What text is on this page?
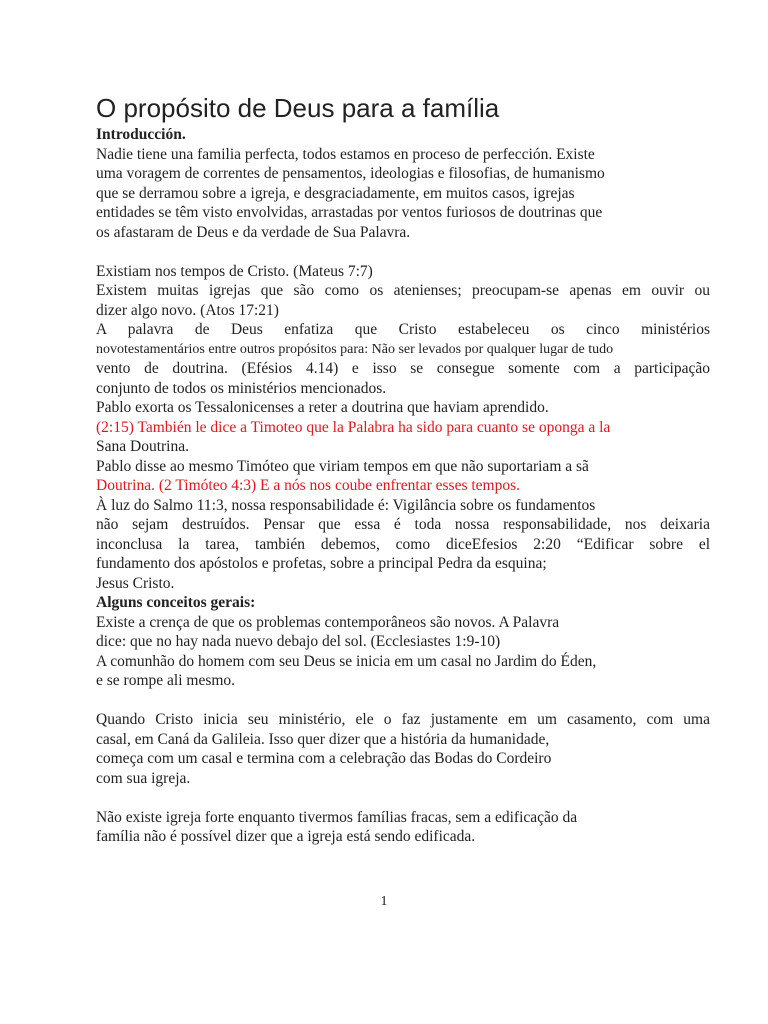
O propósito de Deus para a família
Introducción.
Nadie tiene una familia perfecta, todos estamos en proceso de perfección. Existe
uma voragem de correntes de pensamentos, ideologias e filosofias, de humanismo
que se derramou sobre a igreja, e desgraciadamente, em muitos casos, igrejas
entidades se têm visto envolvidas, arrastadas por ventos furiosos de doutrinas que
os afastaram de Deus e da verdade de Sua Palavra.
Existiam nos tempos de Cristo. (Mateus 7:7)
Existem muitas igrejas que são como os atenienses; preocupam-se apenas em ouvir ou
dizer algo novo. (Atos 17:21)
A palavra de Deus enfatiza que Cristo estabeleceu os cinco ministérios
novotestamentários entre outros propósitos para: Não ser levados por qualquer lugar de tudo
vento de doutrina. (Efésios 4.14) e isso se consegue somente com a participação
conjunto de todos os ministérios mencionados.
Pablo exorta os Tessalonicenses a reter a doutrina que haviam aprendido.
(2:15) También le dice a Timoteo que la Palabra ha sido para cuanto se oponga a la
Sana Doutrina.
Pablo disse ao mesmo Timóteo que viriam tempos em que não suportariam a sã
Doutrina. (2 Timóteo 4:3) E a nós nos coube enfrentar esses tempos.
À luz do Salmo 11:3, nossa responsabilidade é: Vigilância sobre os fundamentos
não sejam destruídos. Pensar que essa é toda nossa responsabilidade, nos deixaria
inconclusa la tarea, también debemos, como diceEfesios 2:20 “Edificar sobre el
fundamento dos apóstolos e profetas, sobre a principal Pedra da esquina;
Jesus Cristo.
Alguns conceitos gerais:
Existe a crença de que os problemas contemporâneos são novos. A Palavra
dice: que no hay nada nuevo debajo del sol. (Ecclesiastes 1:9-10)
A comunhão do homem com seu Deus se inicia em um casal no Jardim do Éden,
e se rompe ali mesmo.
Quando Cristo inicia seu ministério, ele o faz justamente em um casamento, com uma
casal, em Caná da Galileia. Isso quer dizer que a história da humanidade,
começa com um casal e termina com a celebração das Bodas do Cordeiro
com sua igreja.
Não existe igreja forte enquanto tivermos famílias fracas, sem a edificação da
família não é possível dizer que a igreja está sendo edificada.
1
